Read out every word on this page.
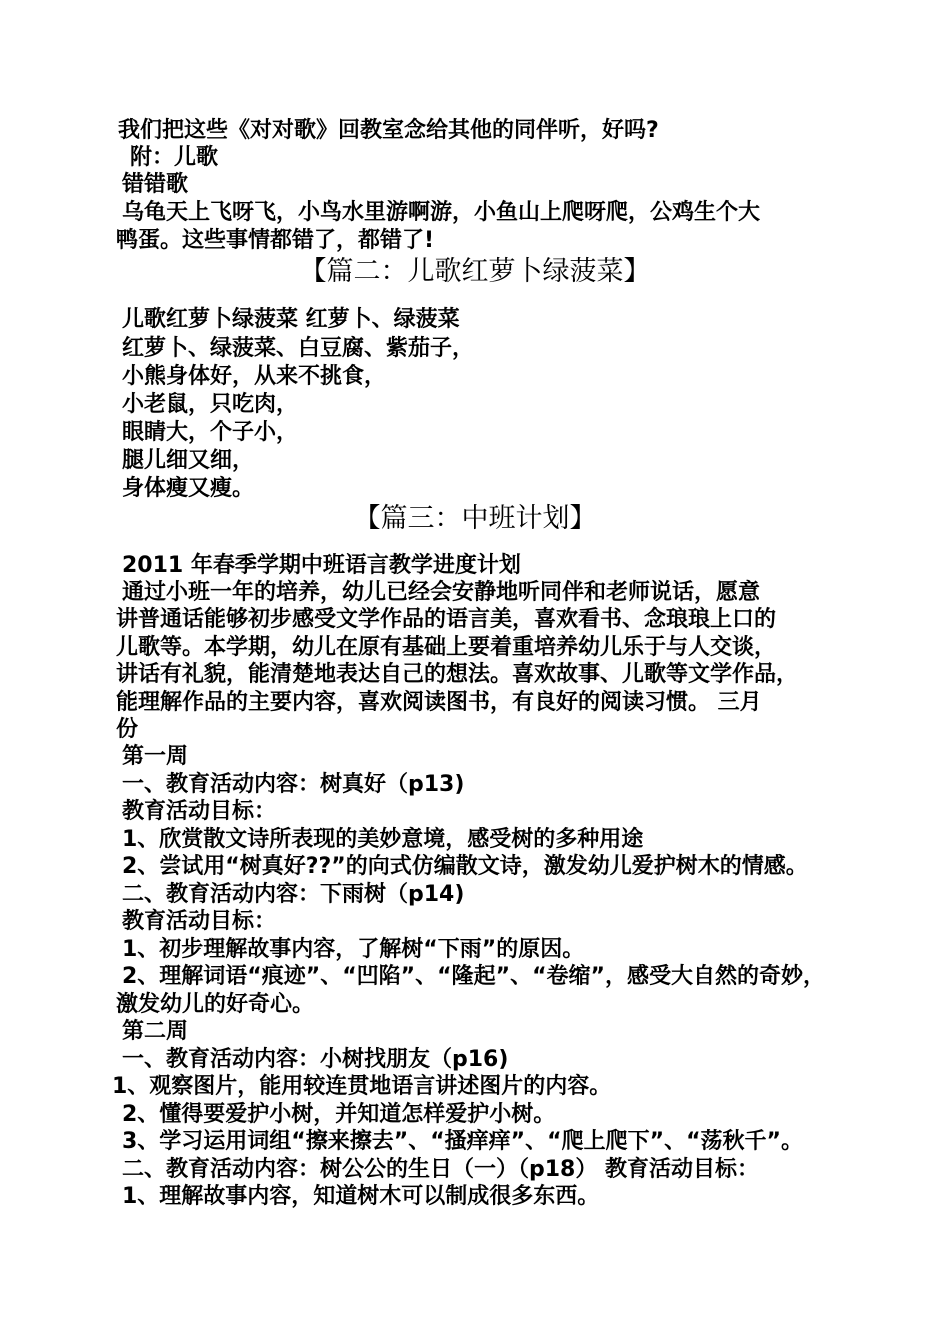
我们把这些《对对歌》回教室念给其他的同伴听，好吗?
附：儿歌
错错歌
乌龟天上飞呀飞，小鸟水里游啊游，小鱼山上爬呀爬，公鸡生个大
鸭蛋。这些事情都错了，都错了!
【篇二：儿歌红萝卜绿菠菜】
儿歌红萝卜绿菠菜 红萝卜、绿菠菜
红萝卜、绿菠菜、白豆腐、紫茄子，
小熊身体好，从来不挑食，
小老鼠，只吃肉，
眼睛大，个子小，
腿儿细又细，
身体瘦又瘦。
【篇三：中班计划】
2011 年春季学期中班语言教学进度计划
通过小班一年的培养，幼儿已经会安静地听同伴和老师说话，愿意
讲普通话能够初步感受文学作品的语言美，喜欢看书、念琅琅上口的
儿歌等。本学期，幼儿在原有基础上要着重培养幼儿乐于与人交谈，
讲话有礼貌，能清楚地表达自己的想法。喜欢故事、儿歌等文学作品，
能理解作品的主要内容，喜欢阅读图书，有良好的阅读习惯。 三月
份
第一周
一、教育活动内容：树真好（p13)
教育活动目标：
1、欣赏散文诗所表现的美妙意境，感受树的多种用途
2、尝试用“树真好??”的向式仿编散文诗，激发幼儿爱护树木的情感。
二、教育活动内容：下雨树（p14)
教育活动目标：
1、初步理解故事内容，了解树“下雨”的原因。
2、理解词语“痕迹”、“凹陷”、“隆起”、“卷缩”，感受大自然的奇妙，
激发幼儿的好奇心。
第二周
一、教育活动内容：小树找朋友（p16)
1、观察图片，能用较连贯地语言讲述图片的内容。
2、懂得要爱护小树，并知道怎样爱护小树。
3、学习运用词组“擦来擦去”、“搔痒痒”、“爬上爬下”、“荡秋千”。
二、教育活动内容：树公公的生日（一）（p18） 教育活动目标：
1、理解故事内容，知道树木可以制成很多东西。
